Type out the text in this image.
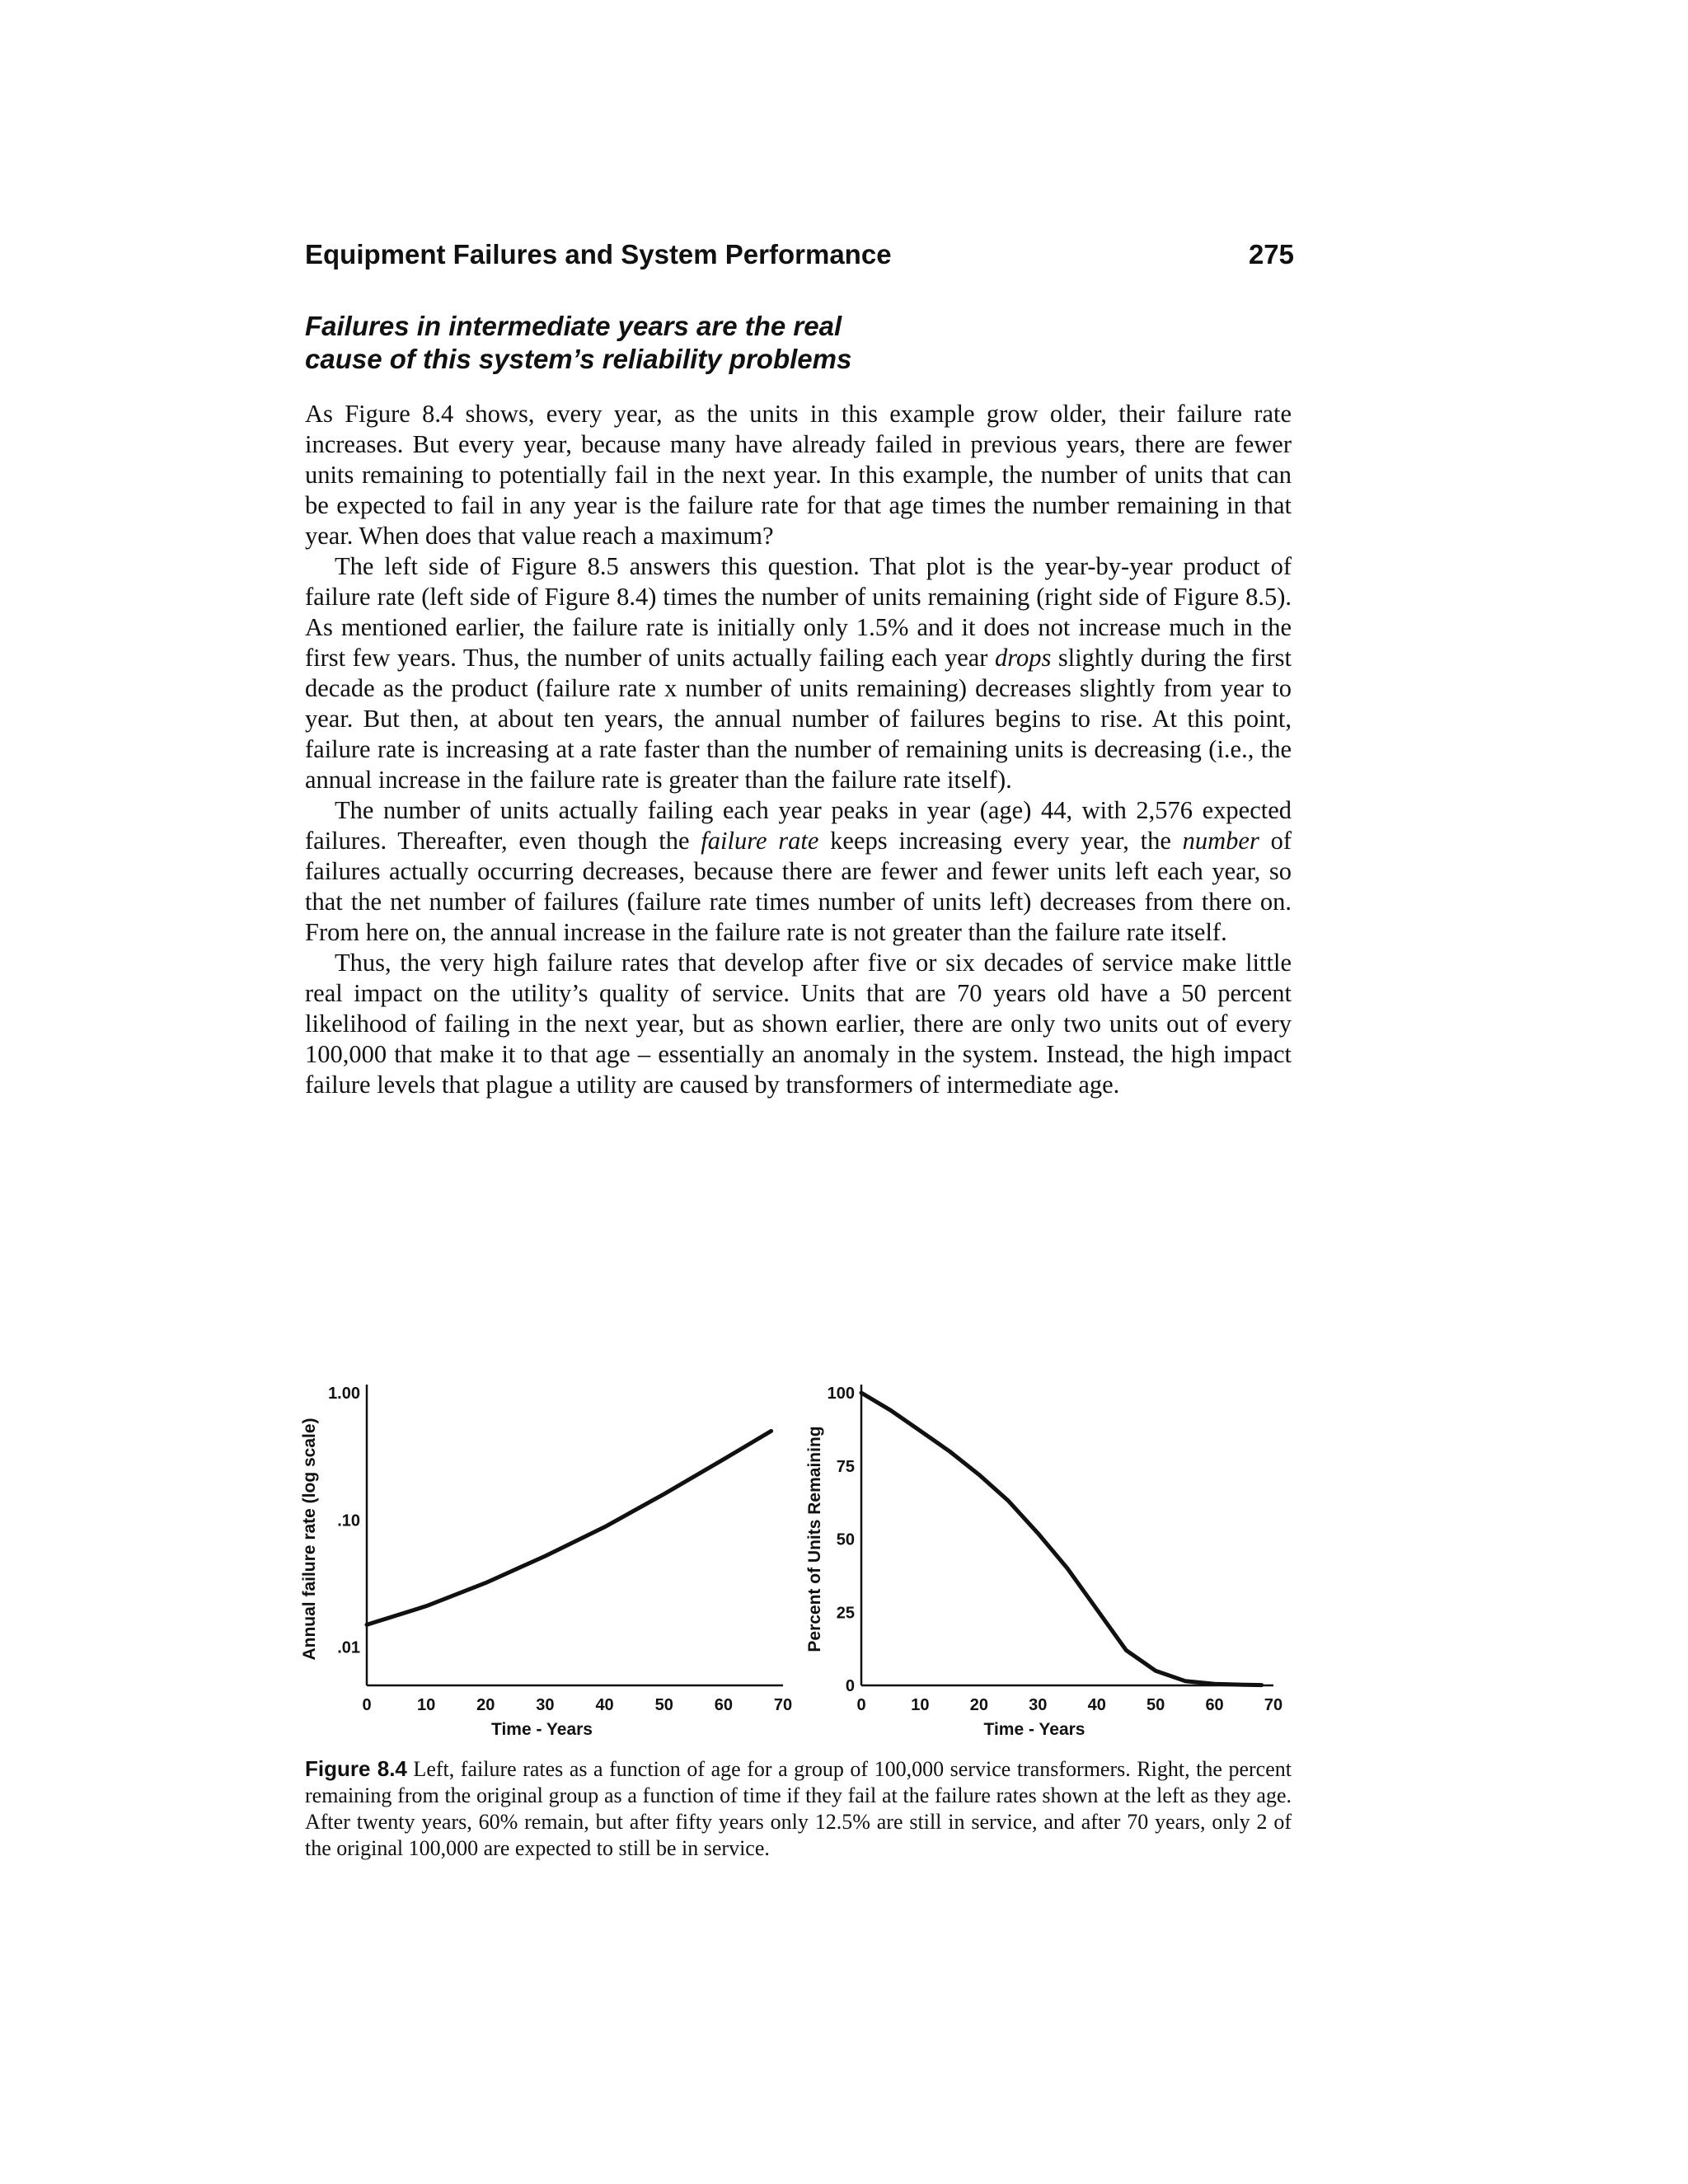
Equipment Failures and System Performance	275
Failures in intermediate years are the real
cause of this system’s reliability problems

As Figure 8.4 shows, every year, as the units in this example grow older, their failure rate increases. But every year, because many have already failed in previous years, there are fewer units remaining to potentially fail in the next year. In this example, the number of units that can be expected to fail in any year is the failure rate for that age times the number remaining in that year. When does that value reach a maximum?

The left side of Figure 8.5 answers this question. That plot is the year-by-year product of failure rate (left side of Figure 8.4) times the number of units remaining (right side of Figure 8.5). As mentioned earlier, the failure rate is initially only 1.5% and it does not increase much in the first few years. Thus, the number of units actually failing each year drops slightly during the first decade as the product (failure rate x number of units remaining) decreases slightly from year to year. But then, at about ten years, the annual number of failures begins to rise. At this point, failure rate is increasing at a rate faster than the number of remaining units is decreasing (i.e., the annual increase in the failure rate is greater than the failure rate itself).

The number of units actually failing each year peaks in year (age) 44, with 2,576 expected failures. Thereafter, even though the failure rate keeps increasing every year, the number of failures actually occurring decreases, because there are fewer and fewer units left each year, so that the net number of failures (failure rate times number of units left) decreases from there on. From here on, the annual increase in the failure rate is not greater than the failure rate itself.

Thus, the very high failure rates that develop after five or six decades of service make little real impact on the utility’s quality of service. Units that are 70 years old have a 50 percent likelihood of failing in the next year, but as shown earlier, there are only two units out of every 100,000 that make it to that age – essentially an anomaly in the system. Instead, the high impact failure levels that plague a utility are caused by transformers of intermediate age.

0	10 20 30 40 50 60 70
1.00
.10
.01
Time - Years
Annual failure rate (log scale)
0	10 20 30 40 50 60 70
0
25
50
75
100
Time - Years
Percent of Units Remaining
Figure 8.4 Left, failure rates as a function of age for a group of 100,000 service transformers. Right, the percent remaining from the original group as a function of time if they fail at the failure rates shown at the left as they age. After twenty years, 60% remain, but after fifty years only 12.5% are still in service, and after 70 years, only 2 of the original 100,000 are expected to still be in service.
